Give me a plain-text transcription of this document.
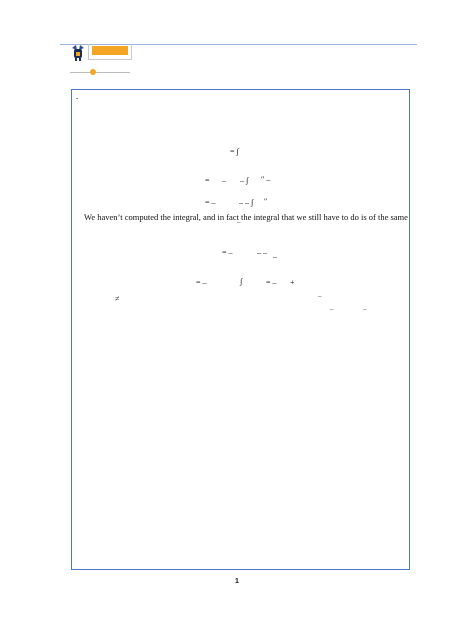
-
= ∫
= – – ∫ ″ –
= –	– – ∫ ″
We haven’t computed the integral, and in fact the integral that we still have to do is of the same
¯
= –	– – _
= –	∫	= – +
≠	¯
¯	¯
1
